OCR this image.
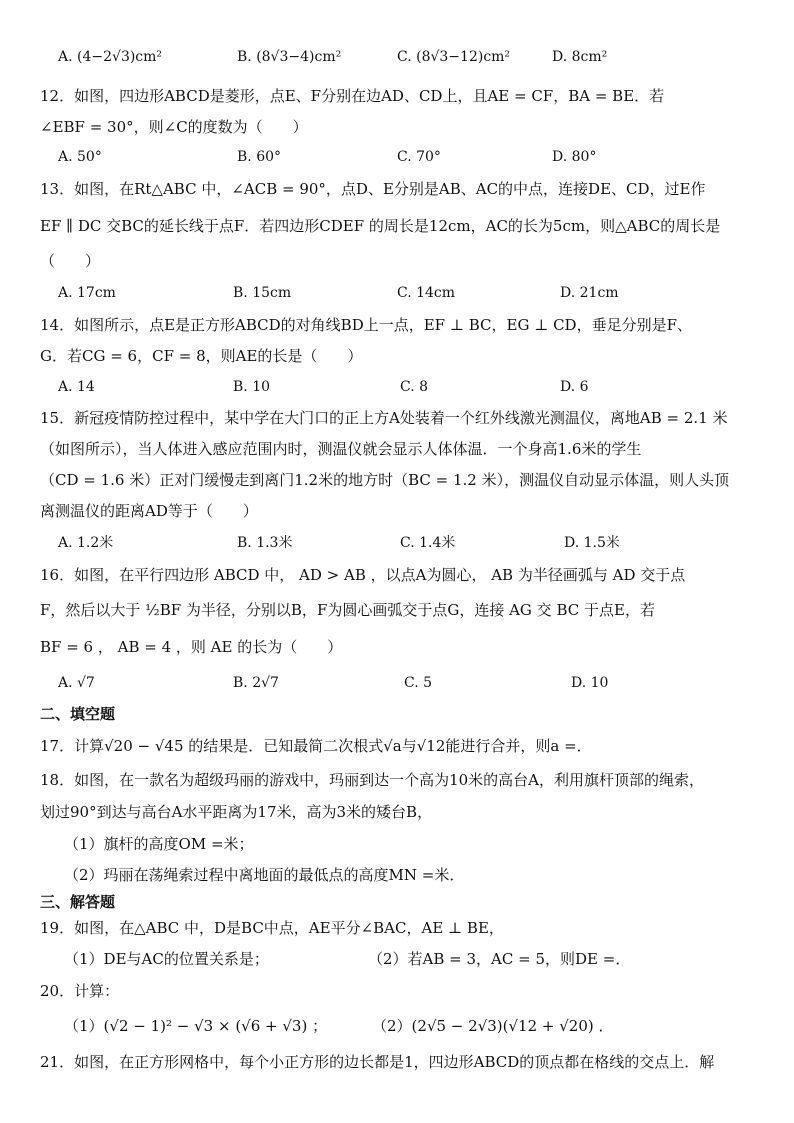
A. (4−2√3)cm²	B. (8√3−4)cm²	C. (8√3−12)cm²	D. 8cm²
12．如图，四边形ABCD是菱形，点E、F分别在边AD、CD上，且AE = CF，BA = BE．若
∠EBF = 30°，则∠C的度数为（　　）
A. 50°	B. 60°	C. 70°	D. 80°
13．如图，在Rt△ABC 中，∠ACB = 90°，点D、E分别是AB、AC的中点，连接DE、CD，过E作
EF ∥ DC 交BC的延长线于点F．若四边形CDEF 的周长是12cm，AC的长为5cm，则△ABC的周长是
（　　）
A. 17cm	B. 15cm	C. 14cm	D. 21cm
14．如图所示，点E是正方形ABCD的对角线BD上一点，EF ⊥ BC，EG ⊥ CD，垂足分别是F、
G．若CG = 6，CF = 8，则AE的长是（　　）
A. 14	B. 10	C. 8	D. 6
15．新冠疫情防控过程中，某中学在大门口的正上方A处装着一个红外线激光测温仪，离地AB = 2.1 米
（如图所示），当人体进入感应范围内时，测温仪就会显示人体体温．一个身高1.6米的学生
（CD = 1.6 米）正对门缓慢走到离门1.2米的地方时（BC = 1.2 米），测温仪自动显示体温，则人头顶
离测温仪的距离AD等于（　　）
A. 1.2米	B. 1.3米	C. 1.4米	D. 1.5米
16．如图，在平行四边形 ABCD 中， AD > AB ，以点A为圆心， AB 为半径画弧与 AD 交于点
F，然后以大于 ½BF 为半径，分别以B，F为圆心画弧交于点G，连接 AG 交 BC 于点E，若
BF = 6 ， AB = 4 ，则 AE 的长为（　　）
A. √7	B. 2√7	C. 5	D. 10
二、填空题
17．计算√20 − √45 的结果是．已知最简二次根式√a与√12能进行合并，则a =．
18．如图，在一款名为超级玛丽的游戏中，玛丽到达一个高为10米的高台A，利用旗杆顶部的绳索，
划过90°到达与高台A水平距离为17米，高为3米的矮台B，
（1）旗杆的高度OM =米；
（2）玛丽在荡绳索过程中离地面的最低点的高度MN =米．
三、解答题
19．如图，在△ABC 中，D是BC中点，AE平分∠BAC，AE ⊥ BE，
（1）DE与AC的位置关系是；	（2）若AB = 3，AC = 5，则DE =．
20．计算：
（1）(√2 − 1)² − √3 × (√6 + √3) ；	（2）(2√5 − 2√3)(√12 + √20) ．
21．如图，在正方形网格中，每个小正方形的边长都是1，四边形ABCD的顶点都在格线的交点上．解
